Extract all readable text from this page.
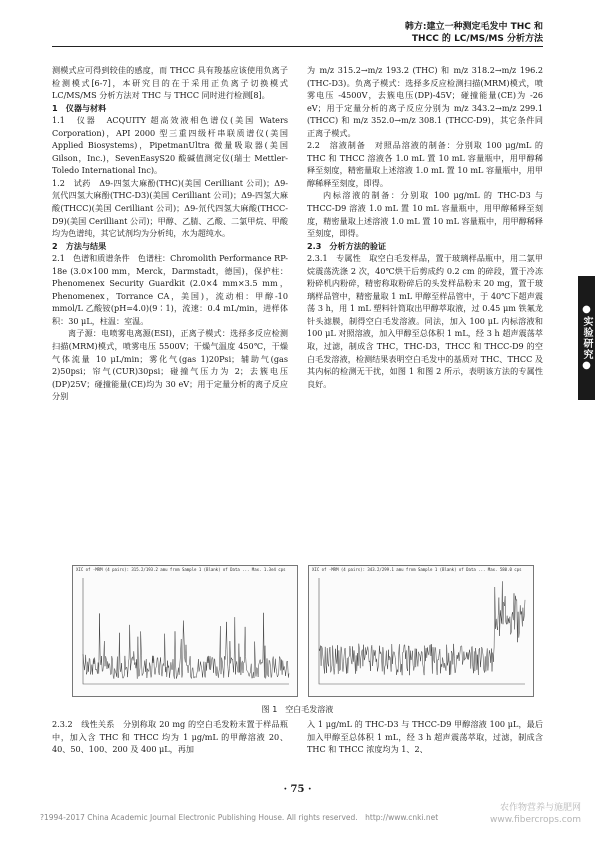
韩方:建立一种测定毛发中 THC 和
THCC 的 LC/MS/MS 分析方法

测模式应可得到较佳的感度，而 THCC 具有羧基应该使用负离子检测模式[6-7]，本研究目的在于采用正负离子切换模式 LC/MS/MS 分析方法对 THC 与 THCC 同时进行检测[8]。

1　仪器与材料

1.1　仪器　ACQUITY 超高效液相色谱仪(美国 Waters Corporation)，API 2000 型三重四级杆串联质谱仪(美国 Applied Biosystems)，PipetmanUltra 微量吸取器(美国 Gilson，Inc.)，SevenEasyS20 酸碱值测定仪(瑞士 Mettler-Toledo International Inc)。

1.2　试药　Δ9-四氢大麻酚(THC)(美国 Cerilliant 公司)；Δ9-氘代四氢大麻酚(THC-D3)(美国 Cerilliant 公司)；Δ9-四氢大麻酸(THCC)(美国 Cerilliant 公司)；Δ9-氘代四氢大麻酸(THCC-D9)(美国 Cerilliant 公司)；甲醇、乙腈、乙酸、二氯甲烷、甲酸均为色谱纯，其它试剂均为分析纯，水为超纯水。

2　方法与结果

2.1　色谱和质谱条件　色谱柱：Chromolith Performance RP-18e (3.0×100 mm，Merck，Darmstadt，德国)，保护柱：Phenomenex Security Guardkit (2.0×4 mm×3.5 mm，Phenomenex，Torrance CA，美国)，流动相：甲醇-10 mmol/L 乙酸铵(pH=4.0)(9∶1)，流速：0.4 mL/min，进样体积：30 μL，柱温：室温。

离子源：电喷雾电离源(ESI)，正离子模式：选择多反应检测扫描(MRM)模式，喷雾电压 5500V；干燥气温度 450℃，干燥气体流量 10 μL/min；雾化气(gas 1)20Psi；辅助气(gas 2)50psi；帘气(CUR)30psi；碰撞气压力为 2；去簇电压(DP)25V；碰撞能量(CE)均为 30 eV；用于定量分析的离子反应分别

为 m/z 315.2→m/z 193.2 (THC) 和 m/z 318.2→m/z 196.2 (THC-D3)。负离子模式：选择多反应检测扫描(MRM)模式，喷雾电压 -4500V，去簇电压(DP)-45V；碰撞能量(CE)为 -26 eV；用于定量分析的离子反应分别为 m/z 343.2→m/z 299.1 (THCC) 和 m/z 352.0→m/z 308.1 (THCC-D9)，其它条件同正离子模式。

2.2　溶液制备　对照品溶液的制备：分别取 100 μg/mL 的 THC 和 THCC 溶液各 1.0 mL 置 10 mL 容量瓶中，用甲醇稀释至刻度，精密量取上述溶液 1.0 mL 置 10 mL 容量瓶中，用甲醇稀释至刻度，即得。

内标溶液的制备：分别取 100 μg/mL 的 THC-D3 与 THCC-D9 溶液 1.0 mL 置 10 mL 容量瓶中，用甲醇稀释至刻度，精密量取上述溶液 1.0 mL 置 10 mL 容量瓶中，用甲醇稀释至刻度，即得。

2.3　分析方法的验证

2.3.1　专属性　取空白毛发样品，置于玻璃样品瓶中，用二氯甲烷震荡洗涤 2 次，40℃烘干后剪成约 0.2 cm 的碎段，置于冷冻粉碎机内粉碎，精密称取粉碎后的头发样品粉末 20 mg，置于玻璃样品管中，精密量取 1 mL 甲醇至样品管中，于 40℃下超声震荡 3 h，用 1 mL 塑料针筒取出甲醇萃取液，过 0.45 μm 铁氟龙针头滤膜，制得空白毛发溶液。同法，加入 100 μL 内标溶液和 100 μL 对照溶液，加入甲醇至总体积 1 mL，经 3 h 超声震荡萃取，过滤，制成含 THC，THC-D3，THCC 和 THCC-D9 的空白毛发溶液，检测结果表明空白毛发中的基质对 THC、THCC 及其内标的检测无干扰，如图 1 和图 2 所示，表明该方法的专属性良好。

●实验研究●
XIC of -MRM (4 pairs): 315.2/193.2 amu from Sample 1 (Blank) of Data ... Max. 1.3e4 cps	XIC of -MRM (4 pairs): 343.2/299.1 amu from Sample 1 (Blank) of Data ... Max. 580.0 cps
图 1　空白毛发溶液

2.3.2　线性关系　分别称取 20 mg 的空白毛发粉末置于样品瓶中，加入含 THC 和 THCC 均为 1 μg/mL 的甲醇溶液 20、40、50、100、200 及 400 μL，再加

入 1 μg/mL 的 THC-D3 与 THCC-D9 甲醇溶液 100 μL，最后加入甲醇至总体积 1 mL，经 3 h 超声震荡萃取，过滤，制成含 THC 和 THCC 浓度均为 1、2、

· 75 ·
?1994-2017 China Academic Journal Electronic Publishing House. All rights reserved.　http://www.cnki.net
农作物营养与施肥网
www.fibercrops.com
